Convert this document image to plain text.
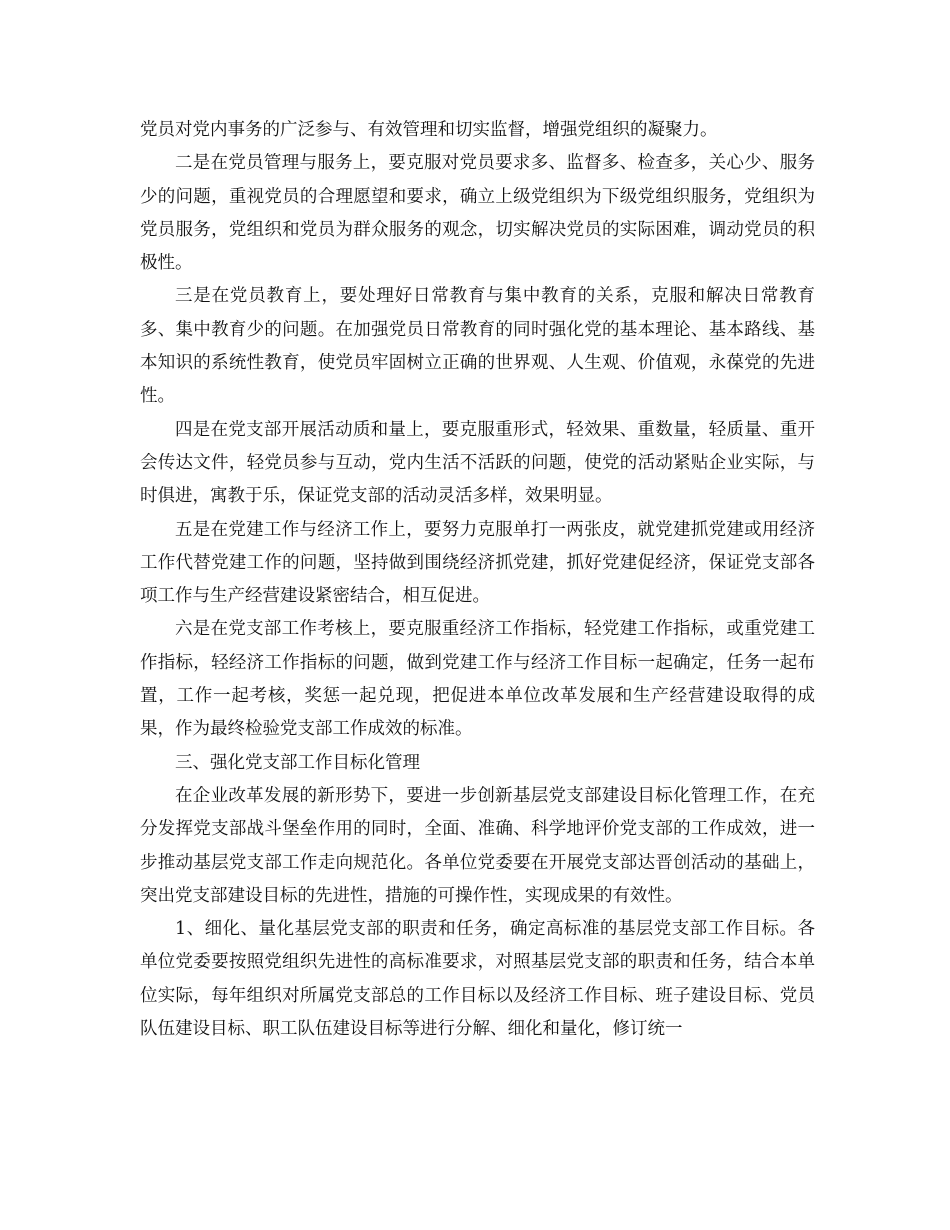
党员对党内事务的广泛参与、有效管理和切实监督，增强党组织的凝聚力。

二是在党员管理与服务上，要克服对党员要求多、监督多、检查多，关心少、服务少的问题，重视党员的合理愿望和要求，确立上级党组织为下级党组织服务，党组织为党员服务，党组织和党员为群众服务的观念，切实解决党员的实际困难，调动党员的积极性。

三是在党员教育上，要处理好日常教育与集中教育的关系，克服和解决日常教育多、集中教育少的问题。在加强党员日常教育的同时强化党的基本理论、基本路线、基本知识的系统性教育，使党员牢固树立正确的世界观、人生观、价值观，永葆党的先进性。

四是在党支部开展活动质和量上，要克服重形式，轻效果、重数量，轻质量、重开会传达文件，轻党员参与互动，党内生活不活跃的问题，使党的活动紧贴企业实际，与时俱进，寓教于乐，保证党支部的活动灵活多样，效果明显。

五是在党建工作与经济工作上，要努力克服单打一两张皮，就党建抓党建或用经济工作代替党建工作的问题，坚持做到围绕经济抓党建，抓好党建促经济，保证党支部各项工作与生产经营建设紧密结合，相互促进。

六是在党支部工作考核上，要克服重经济工作指标，轻党建工作指标，或重党建工作指标，轻经济工作指标的问题，做到党建工作与经济工作目标一起确定，任务一起布置，工作一起考核，奖惩一起兑现，把促进本单位改革发展和生产经营建设取得的成果，作为最终检验党支部工作成效的标准。

三、强化党支部工作目标化管理

在企业改革发展的新形势下，要进一步创新基层党支部建设目标化管理工作，在充分发挥党支部战斗堡垒作用的同时，全面、准确、科学地评价党支部的工作成效，进一步推动基层党支部工作走向规范化。各单位党委要在开展党支部达晋创活动的基础上，突出党支部建设目标的先进性，措施的可操作性，实现成果的有效性。

1、细化、量化基层党支部的职责和任务，确定高标准的基层党支部工作目标。各单位党委要按照党组织先进性的高标准要求，对照基层党支部的职责和任务，结合本单位实际，每年组织对所属党支部总的工作目标以及经济工作目标、班子建设目标、党员队伍建设目标、职工队伍建设目标等进行分解、细化和量化，修订统一
